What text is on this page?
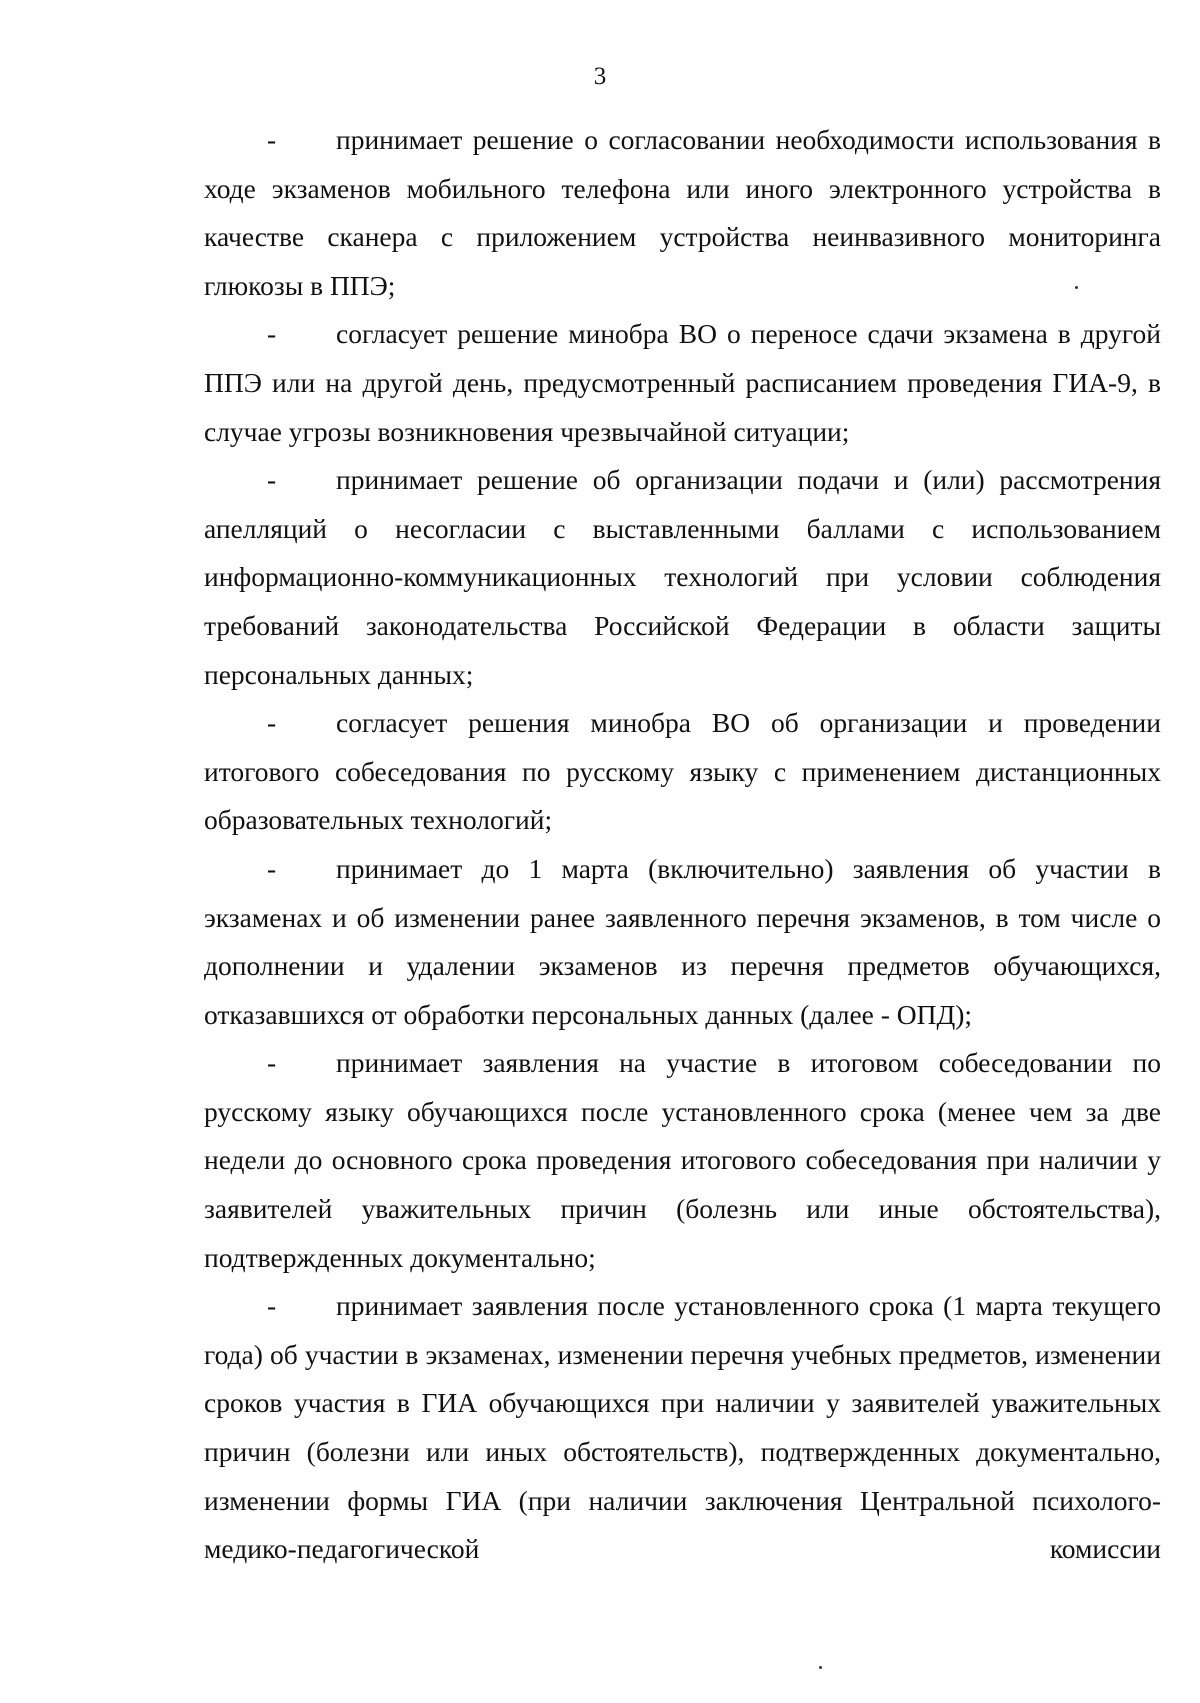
3

- принимает решение о согласовании необходимости использования в ходе экзаменов мобильного телефона или иного электронного устройства в качестве сканера с приложением устройства неинвазивного мониторинга глюкозы в ППЭ;

- согласует решение минобра ВО о переносе сдачи экзамена в другой ППЭ или на другой день, предусмотренный расписанием проведения ГИА-9, в случае угрозы возникновения чрезвычайной ситуации;

- принимает решение об организации подачи и (или) рассмотрения апелляций о несогласии с выставленными баллами с использованием информационно-коммуникационных технологий при условии соблюдения требований законодательства Российской Федерации в области защиты персональных данных;

- согласует решения минобра ВО об организации и проведении итогового собеседования по русскому языку с применением дистанционных образовательных технологий;

- принимает до 1 марта (включительно) заявления об участии в экзаменах и об изменении ранее заявленного перечня экзаменов, в том числе о дополнении и удалении экзаменов из перечня предметов обучающихся, отказавшихся от обработки персональных данных (далее - ОПД);

- принимает заявления на участие в итоговом собеседовании по русскому языку обучающихся после установленного срока (менее чем за две недели до основного срока проведения итогового собеседования при наличии у заявителей уважительных причин (болезнь или иные обстоятельства), подтвержденных документально;

- принимает заявления после установленного срока (1 марта текущего года) об участии в экзаменах, изменении перечня учебных предметов, изменении сроков участия в ГИА обучающихся при наличии у заявителей уважительных причин (болезни или иных обстоятельств), подтвержденных документально, изменении формы ГИА (при наличии заключения Центральной психолого-медико-педагогической комиссии
